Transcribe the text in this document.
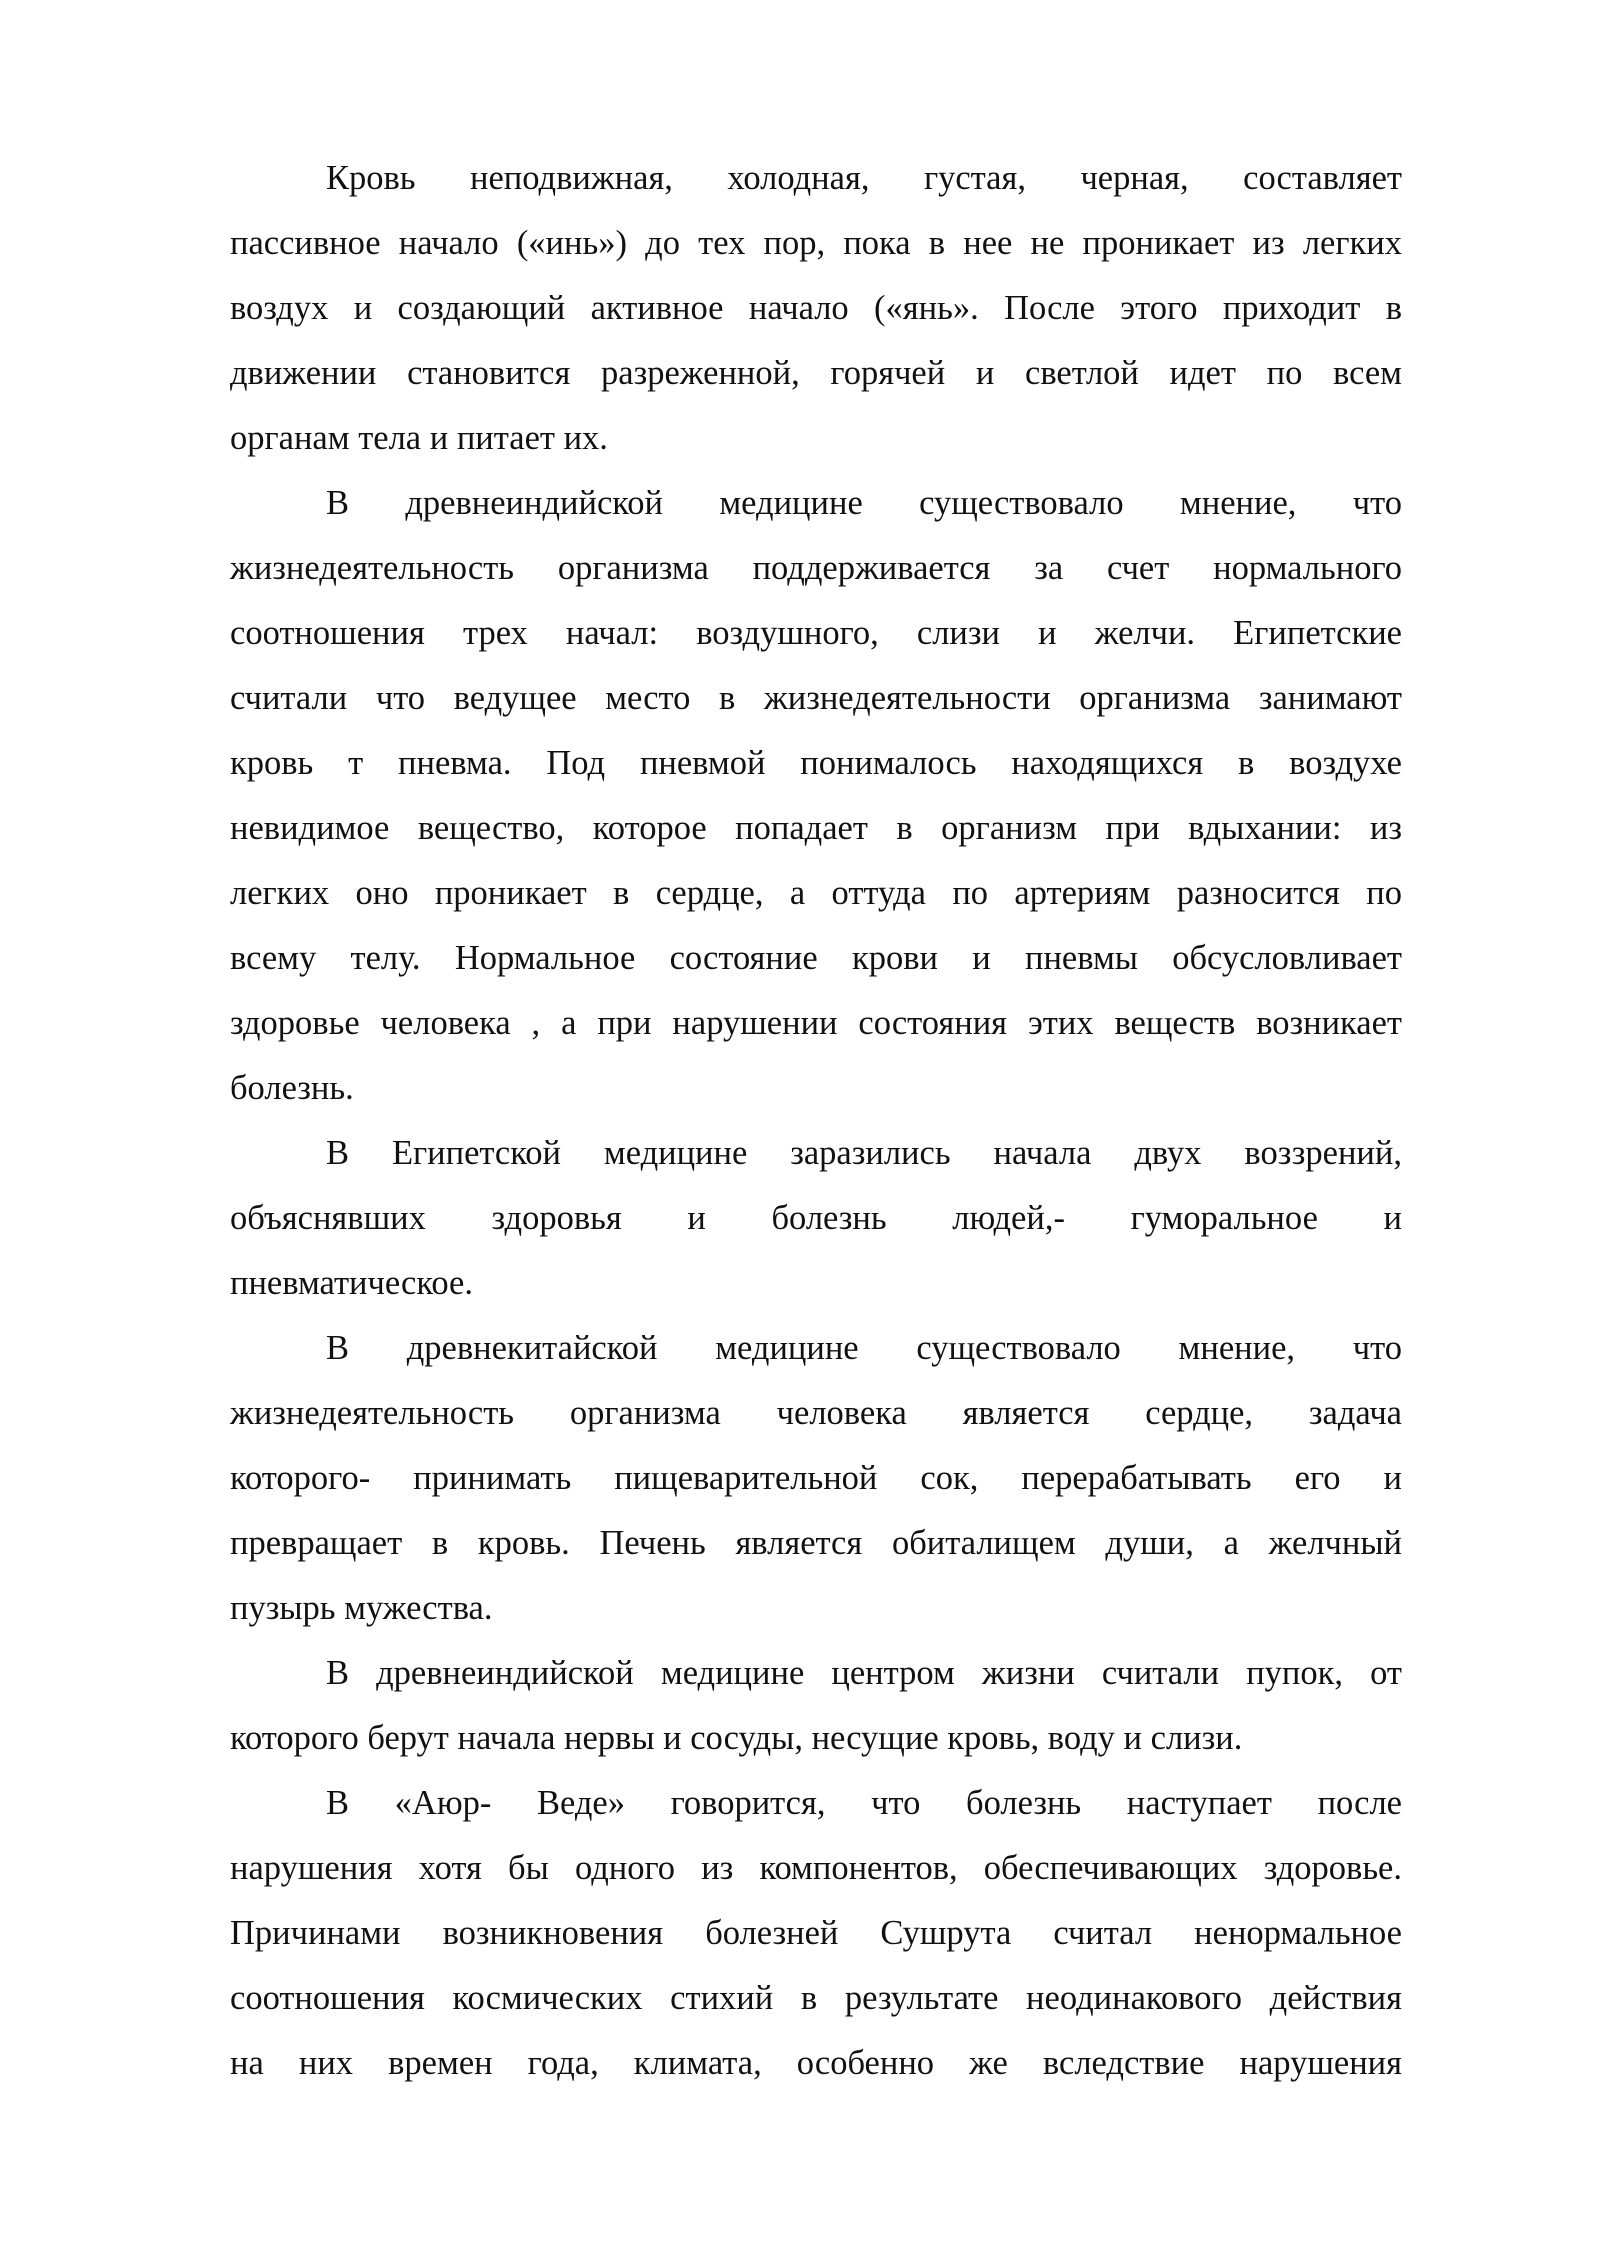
Кровь неподвижная, холодная, густая, черная, составляет
пассивное начало («инь») до тех пор, пока в нее не проникает из легких
воздух и создающий активное начало («янь». После этого приходит в
движении становится разреженной, горячей и светлой идет по всем
органам тела и питает их.
В древнеиндийской медицине существовало мнение, что
жизнедеятельность организма поддерживается за счет нормального
соотношения трех начал: воздушного, слизи и желчи. Египетские
считали что ведущее место в жизнедеятельности организма занимают
кровь т пневма. Под пневмой понималось находящихся в воздухе
невидимое вещество, которое попадает в организм при вдыхании: из
легких оно проникает в сердце, а оттуда по артериям разносится по
всему телу. Нормальное состояние крови и пневмы обсусловливает
здоровье человека , а при нарушении состояния этих веществ возникает
болезнь.
В Египетской медицине заразились начала двух воззрений,
объяснявших здоровья и болезнь людей,- гуморальное и
пневматическое.
В древнекитайской медицине существовало мнение, что
жизнедеятельность организма человека является сердце, задача
которого- принимать пищеварительной сок, перерабатывать его и
превращает в кровь. Печень является обиталищем души, а желчный
пузырь мужества.
В древнеиндийской медицине центром жизни считали пупок, от
которого берут начала нервы и сосуды, несущие кровь, воду и слизи.
В «Аюр- Веде» говорится, что болезнь наступает после
нарушения хотя бы одного из компонентов, обеспечивающих здоровье.
Причинами возникновения болезней Сушрута считал ненормальное
соотношения космических стихий в результате неодинакового действия
на них времен года, климата, особенно же вследствие нарушения
